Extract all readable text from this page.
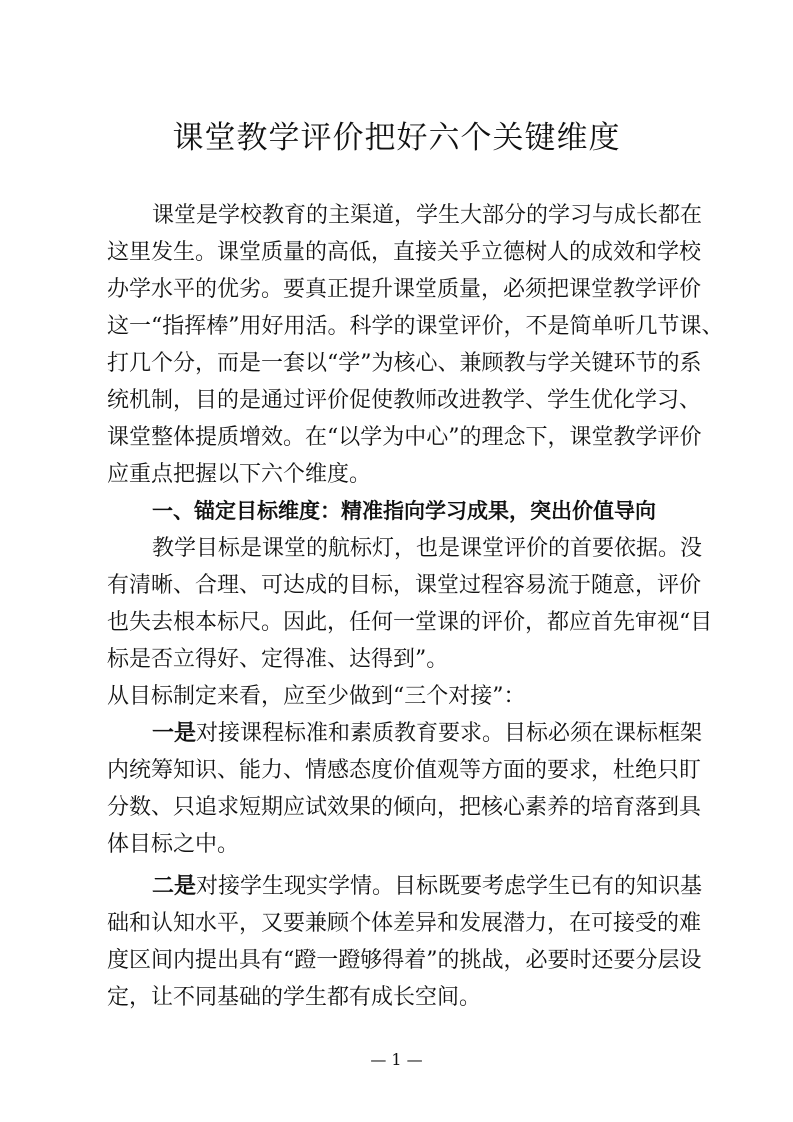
课堂教学评价把好六个关键维度
课堂是学校教育的主渠道，学生大部分的学习与成长都在
这里发生。课堂质量的高低，直接关乎立德树人的成效和学校
办学水平的优劣。要真正提升课堂质量，必须把课堂教学评价
这一“指挥棒”用好用活。科学的课堂评价，不是简单听几节课、
打几个分，而是一套以“学”为核心、兼顾教与学关键环节的系
统机制，目的是通过评价促使教师改进教学、学生优化学习、
课堂整体提质增效。在“以学为中心”的理念下，课堂教学评价
应重点把握以下六个维度。
一、锚定目标维度：精准指向学习成果，突出价值导向
教学目标是课堂的航标灯，也是课堂评价的首要依据。没
有清晰、合理、可达成的目标，课堂过程容易流于随意，评价
也失去根本标尺。因此，任何一堂课的评价，都应首先审视“目
标是否立得好、定得准、达得到”。
从目标制定来看，应至少做到“三个对接”：
一是对接课程标准和素质教育要求。目标必须在课标框架
内统筹知识、能力、情感态度价值观等方面的要求，杜绝只盯
分数、只追求短期应试效果的倾向，把核心素养的培育落到具
体目标之中。
二是对接学生现实学情。目标既要考虑学生已有的知识基
础和认知水平，又要兼顾个体差异和发展潜力，在可接受的难
度区间内提出具有“蹬一蹬够得着”的挑战，必要时还要分层设
定，让不同基础的学生都有成长空间。
— 1 —
